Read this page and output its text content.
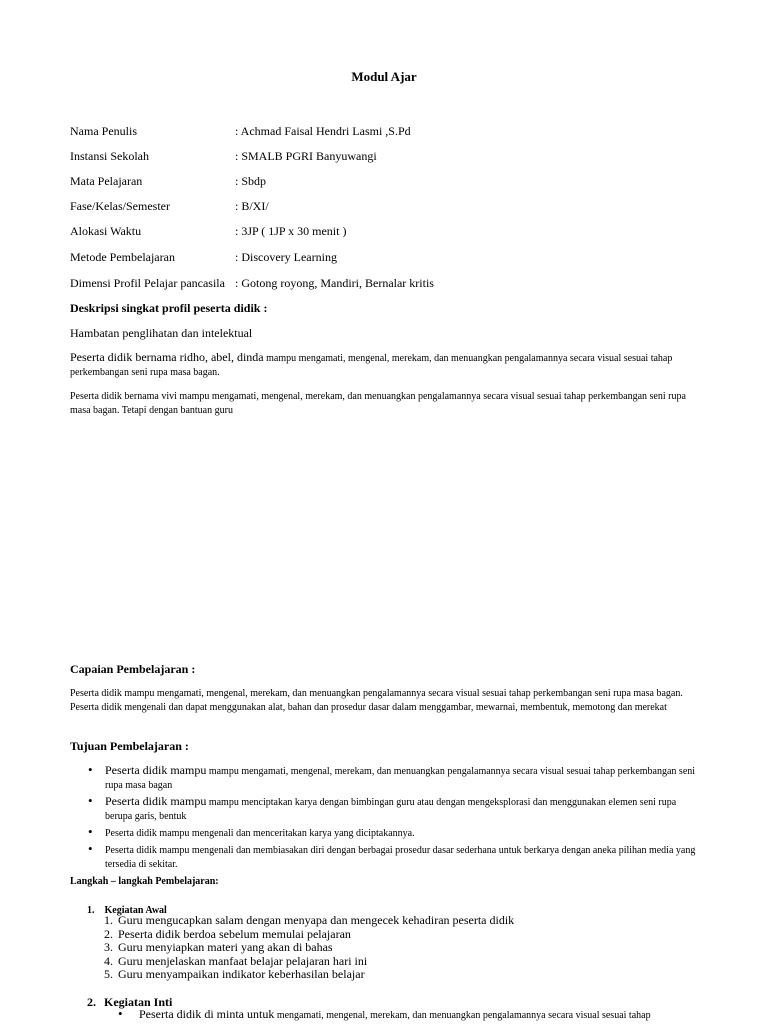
Modul Ajar
Nama Penulis	: Achmad Faisal Hendri Lasmi ,S.Pd
Instansi Sekolah	: SMALB PGRI Banyuwangi
Mata Pelajaran	: Sbdp
Fase/Kelas/Semester	: B/XI/
Alokasi Waktu	: 3JP ( 1JP x 30 menit )
Metode Pembelajaran	: Discovery Learning
Dimensi Profil Pelajar pancasila : Gotong royong, Mandiri, Bernalar kritis
Deskripsi singkat profil peserta didik :
Hambatan penglihatan dan intelektual
Peserta didik bernama ridho, abel, dinda mampu mengamati, mengenal, merekam, dan menuangkan pengalamannya secara visual sesuai tahap perkembangan seni rupa masa bagan.
Peserta didik bernama vivi mampu mengamati, mengenal, merekam, dan menuangkan pengalamannya secara visual sesuai tahap perkembangan seni rupa masa bagan. Tetapi dengan bantuan guru
Capaian Pembelajaran :
Peserta didik mampu mengamati, mengenal, merekam, dan menuangkan pengalamannya secara visual sesuai tahap perkembangan seni rupa masa bagan. Peserta didik mengenali dan dapat menggunakan alat, bahan dan prosedur dasar dalam menggambar, mewarnai, membentuk, memotong dan merekat
Tujuan Pembelajaran :
• Peserta didik mampu mampu mengamati, mengenal, merekam, dan menuangkan pengalamannya secara visual sesuai tahap perkembangan seni rupa masa bagan
• Peserta didik mampu mampu menciptakan karya dengan bimbingan guru atau dengan mengeksplorasi dan menggunakan elemen seni rupa berupa garis, bentuk
• Peserta didik mampu mengenali dan menceritakan karya yang diciptakannya.
• Peserta didik mampu mengenali dan membiasakan diri dengan berbagai prosedur dasar sederhana untuk berkarya dengan aneka pilihan media yang tersedia di sekitar.
Langkah – langkah Pembelajaran:
1. Kegiatan Awal
1. Guru mengucapkan salam dengan menyapa dan mengecek kehadiran peserta didik
2. Peserta didik berdoa sebelum memulai pelajaran
3. Guru menyiapkan materi yang akan di bahas
4. Guru menjelaskan manfaat belajar pelajaran hari ini
5. Guru menyampaikan indikator keberhasilan belajar
2. Kegiatan Inti
• Peserta didik di minta untuk mengamati, mengenal, merekam, dan menuangkan pengalamannya secara visual sesuai tahap
